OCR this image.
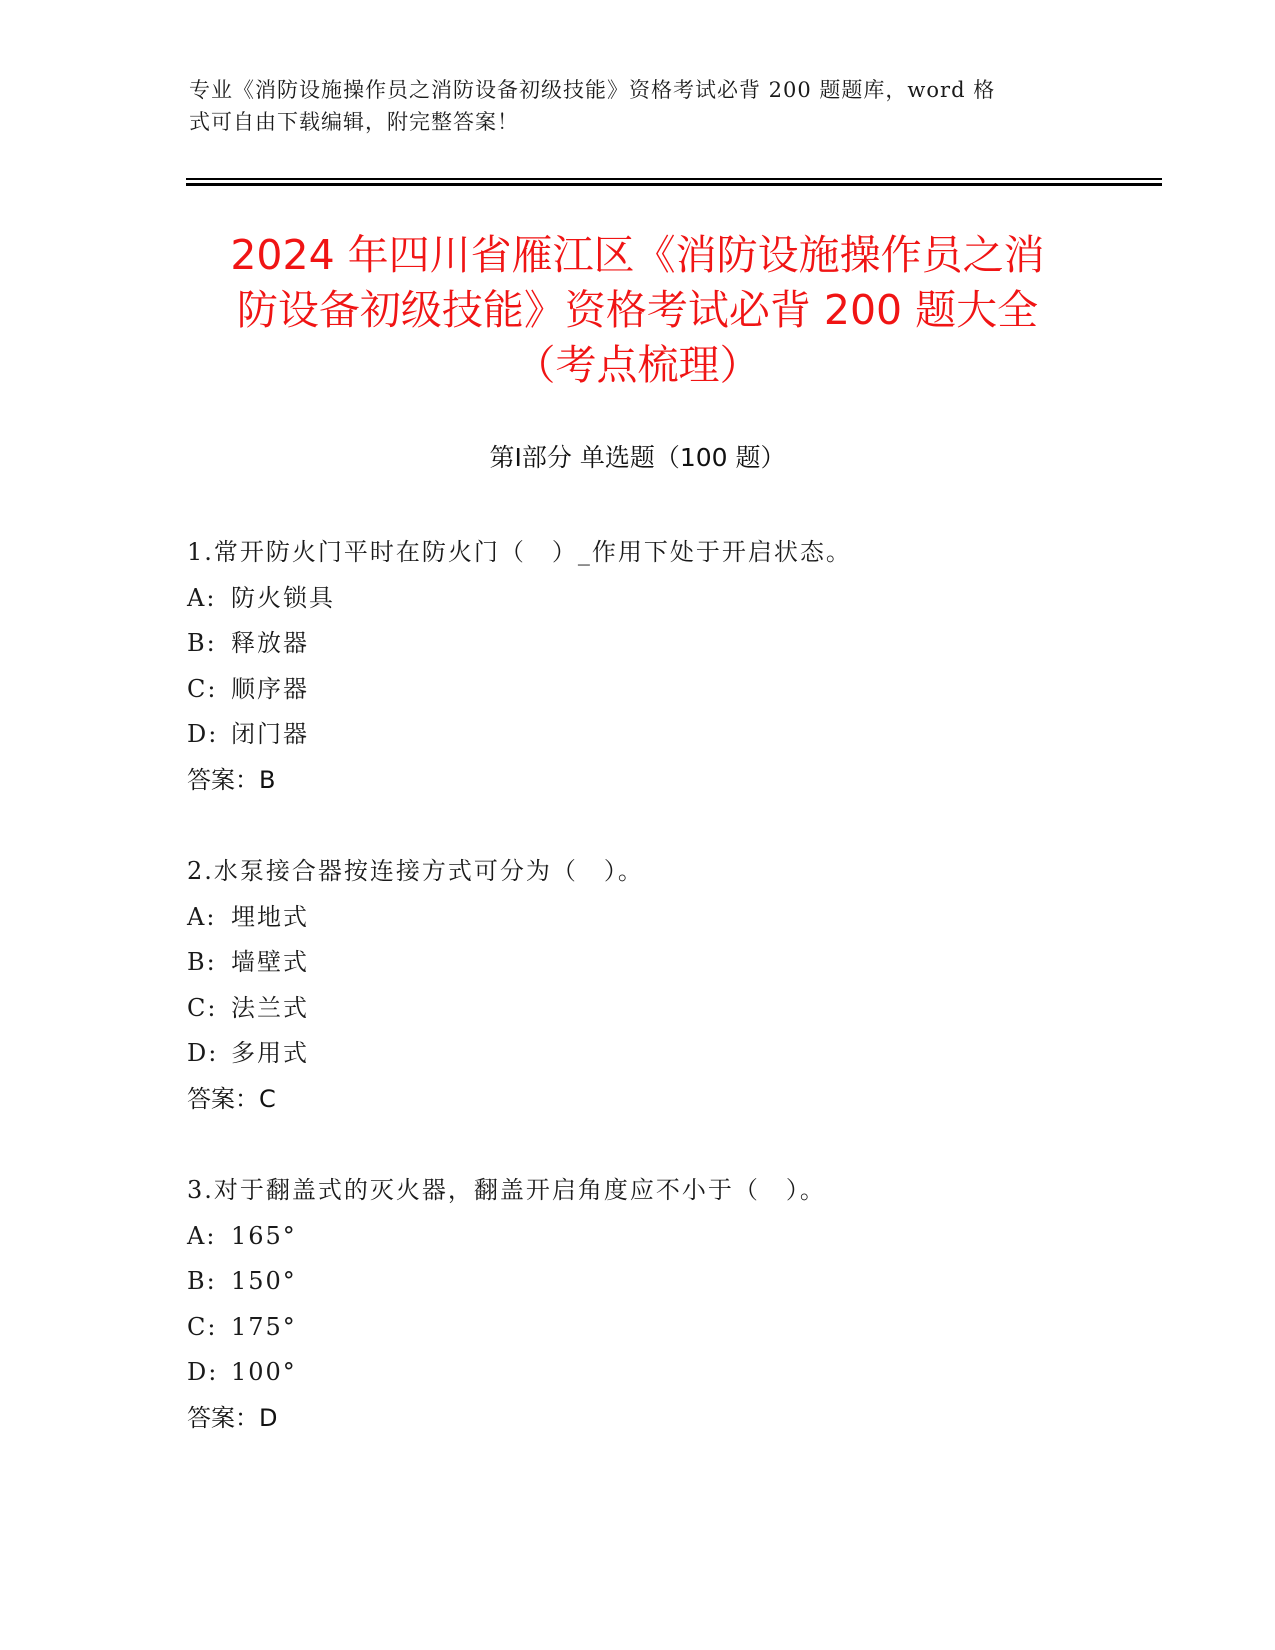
专业《消防设施操作员之消防设备初级技能》资格考试必背 200 题题库，word 格
式可自由下载编辑，附完整答案！
2024 年四川省雁江区《消防设施操作员之消
防设备初级技能》资格考试必背 200 题大全
（考点梳理）
第Ⅰ部分 单选题（100 题）
1.常开防火门平时在防火门（　）_作用下处于开启状态。
A: 防火锁具
B: 释放器
C: 顺序器
D: 闭门器
答案：B
2.水泵接合器按连接方式可分为（　）。
A: 埋地式
B: 墙壁式
C: 法兰式
D: 多用式
答案：C
3.对于翻盖式的灭火器，翻盖开启角度应不小于（　）。
A: 165°
B: 150°
C: 175°
D: 100°
答案：D
